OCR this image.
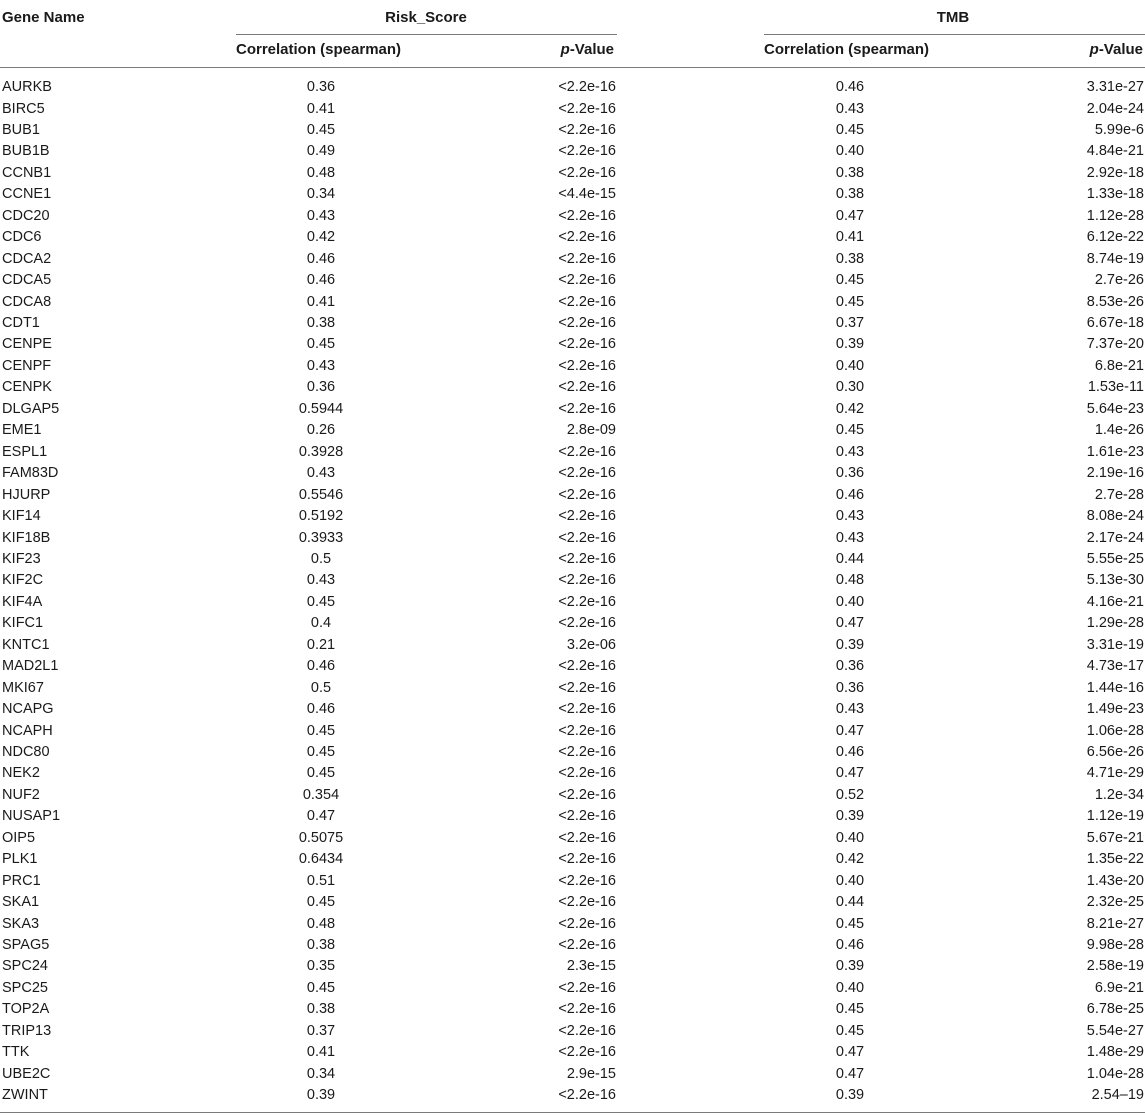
Gene Name	Risk_Score	TMB
Correlation (spearman)	p-Value	Correlation (spearman)	p-Value
AURKB	0.36	<2.2e-16	0.46	3.31e-27
BIRC5	0.41	<2.2e-16	0.43	2.04e-24
BUB1	0.45	<2.2e-16	0.45	5.99e-6
BUB1B	0.49	<2.2e-16	0.40	4.84e-21
CCNB1	0.48	<2.2e-16	0.38	2.92e-18
CCNE1	0.34	<4.4e-15	0.38	1.33e-18
CDC20	0.43	<2.2e-16	0.47	1.12e-28
CDC6	0.42	<2.2e-16	0.41	6.12e-22
CDCA2	0.46	<2.2e-16	0.38	8.74e-19
CDCA5	0.46	<2.2e-16	0.45	2.7e-26
CDCA8	0.41	<2.2e-16	0.45	8.53e-26
CDT1	0.38	<2.2e-16	0.37	6.67e-18
CENPE	0.45	<2.2e-16	0.39	7.37e-20
CENPF	0.43	<2.2e-16	0.40	6.8e-21
CENPK	0.36	<2.2e-16	0.30	1.53e-11
DLGAP5	0.5944	<2.2e-16	0.42	5.64e-23
EME1	0.26	2.8e-09	0.45	1.4e-26
ESPL1	0.3928	<2.2e-16	0.43	1.61e-23
FAM83D	0.43	<2.2e-16	0.36	2.19e-16
HJURP	0.5546	<2.2e-16	0.46	2.7e-28
KIF14	0.5192	<2.2e-16	0.43	8.08e-24
KIF18B	0.3933	<2.2e-16	0.43	2.17e-24
KIF23	0.5	<2.2e-16	0.44	5.55e-25
KIF2C	0.43	<2.2e-16	0.48	5.13e-30
KIF4A	0.45	<2.2e-16	0.40	4.16e-21
KIFC1	0.4	<2.2e-16	0.47	1.29e-28
KNTC1	0.21	3.2e-06	0.39	3.31e-19
MAD2L1	0.46	<2.2e-16	0.36	4.73e-17
MKI67	0.5	<2.2e-16	0.36	1.44e-16
NCAPG	0.46	<2.2e-16	0.43	1.49e-23
NCAPH	0.45	<2.2e-16	0.47	1.06e-28
NDC80	0.45	<2.2e-16	0.46	6.56e-26
NEK2	0.45	<2.2e-16	0.47	4.71e-29
NUF2	0.354	<2.2e-16	0.52	1.2e-34
NUSAP1	0.47	<2.2e-16	0.39	1.12e-19
OIP5	0.5075	<2.2e-16	0.40	5.67e-21
PLK1	0.6434	<2.2e-16	0.42	1.35e-22
PRC1	0.51	<2.2e-16	0.40	1.43e-20
SKA1	0.45	<2.2e-16	0.44	2.32e-25
SKA3	0.48	<2.2e-16	0.45	8.21e-27
SPAG5	0.38	<2.2e-16	0.46	9.98e-28
SPC24	0.35	2.3e-15	0.39	2.58e-19
SPC25	0.45	<2.2e-16	0.40	6.9e-21
TOP2A	0.38	<2.2e-16	0.45	6.78e-25
TRIP13	0.37	<2.2e-16	0.45	5.54e-27
TTK	0.41	<2.2e-16	0.47	1.48e-29
UBE2C	0.34	2.9e-15	0.47	1.04e-28
ZWINT	0.39	<2.2e-16	0.39	2.54–19
